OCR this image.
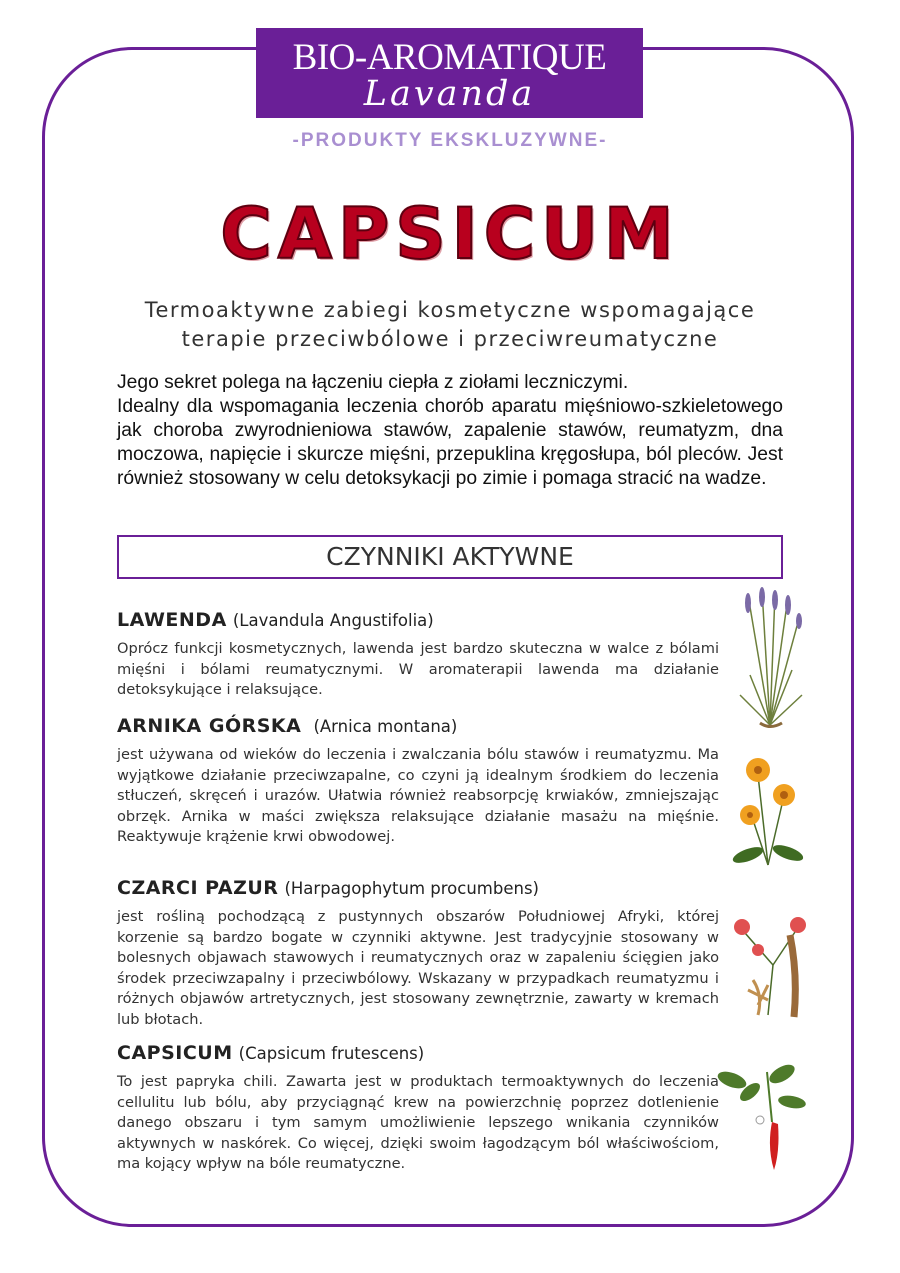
BIO-AROMATIQUE
Lavanda
-PRODUKTY EKSKLUZYWNE-
CAPSICUM
Termoaktywne zabiegi kosmetyczne wspomagające
terapie przeciwbólowe i przeciwreumatyczne

Jego sekret polega na łączeniu ciepła z ziołami leczniczymi.

Idealny dla wspomagania leczenia chorób aparatu mięśniowo-szkieletowego jak choroba zwyrodnieniowa stawów, zapalenie stawów, reumatyzm, dna moczowa, napięcie i skurcze mięśni, przepuklina kręgosłupa, ból pleców. Jest również stosowany w celu detoksykacji po zimie i pomaga stracić na wadze.

CZYNNIKI AKTYWNE
LAWENDA (Lavandula Angustifolia)

Oprócz funkcji kosmetycznych, lawenda jest bardzo skuteczna w walce z bólami mięśni i bólami reumatycznymi. W aromaterapii lawenda ma działanie detoksykujące i relaksujące.

ARNIKA GÓRSKA (Arnica montana)

jest używana od wieków do leczenia i zwalczania bólu stawów i reumatyzmu. Ma wyjątkowe działanie przeciwzapalne, co czyni ją idealnym środkiem do leczenia stłuczeń, skręceń i urazów. Ułatwia również reabsorpcję krwiaków, zmniejszając obrzęk. Arnika w maści zwiększa relaksujące działanie masażu na mięśnie. Reaktywuje krążenie krwi obwodowej.

CZARCI PAZUR (Harpagophytum procumbens)

jest rośliną pochodzącą z pustynnych obszarów Południowej Afryki, której korzenie są bardzo bogate w czynniki aktywne. Jest tradycyjnie stosowany w bolesnych objawach stawowych i reumatycznych oraz w zapaleniu ścięgien jako środek przeciwzapalny i przeciwbólowy. Wskazany w przypadkach reumatyzmu i różnych objawów artretycznych, jest stosowany zewnętrznie, zawarty w kremach lub błotach.

CAPSICUM (Capsicum frutescens)

To jest papryka chili. Zawarta jest w produktach termoaktywnych do leczenia cellulitu lub bólu, aby przyciągnąć krew na powierzchnię poprzez dotlenienie danego obszaru i tym samym umożliwienie lepszego wnikania czynników aktywnych w naskórek. Co więcej, dzięki swoim łagodzącym ból właściwościom, ma kojący wpływ na bóle reumatyczne.
